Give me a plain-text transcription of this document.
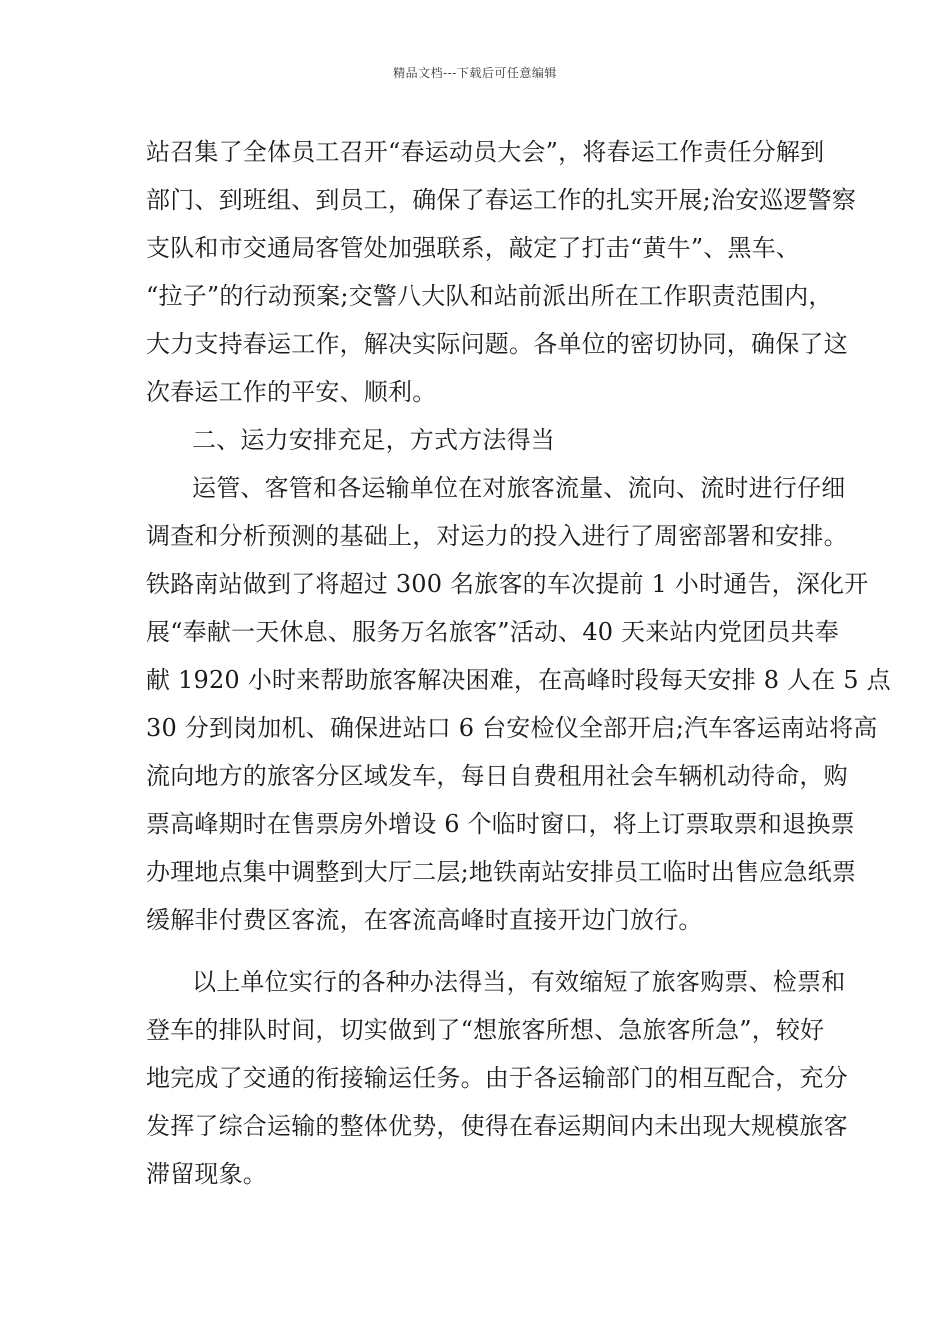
精品文档---下载后可任意编辑
站召集了全体员工召开“春运动员大会”，将春运工作责任分解到
部门、到班组、到员工，确保了春运工作的扎实开展;治安巡逻警察
支队和市交通局客管处加强联系，敲定了打击“黄牛”、黑车、
“拉子”的行动预案;交警八大队和站前派出所在工作职责范围内，
大力支持春运工作，解决实际问题。各单位的密切协同，确保了这
次春运工作的平安、顺利。
二、运力安排充足，方式方法得当
运管、客管和各运输单位在对旅客流量、流向、流时进行仔细
调查和分析预测的基础上，对运力的投入进行了周密部署和安排。
铁路南站做到了将超过 300 名旅客的车次提前 1 小时通告，深化开
展“奉献一天休息、服务万名旅客”活动、40 天来站内党团员共奉
献 1920 小时来帮助旅客解决困难，在高峰时段每天安排 8 人在 5 点
30 分到岗加机、确保进站口 6 台安检仪全部开启;汽车客运南站将高
流向地方的旅客分区域发车，每日自费租用社会车辆机动待命，购
票高峰期时在售票房外增设 6 个临时窗口，将上订票取票和退换票
办理地点集中调整到大厅二层;地铁南站安排员工临时出售应急纸票
缓解非付费区客流，在客流高峰时直接开边门放行。
以上单位实行的各种办法得当，有效缩短了旅客购票、检票和
登车的排队时间，切实做到了“想旅客所想、急旅客所急”，较好
地完成了交通的衔接输运任务。由于各运输部门的相互配合，充分
发挥了综合运输的整体优势，使得在春运期间内未出现大规模旅客
滞留现象。
